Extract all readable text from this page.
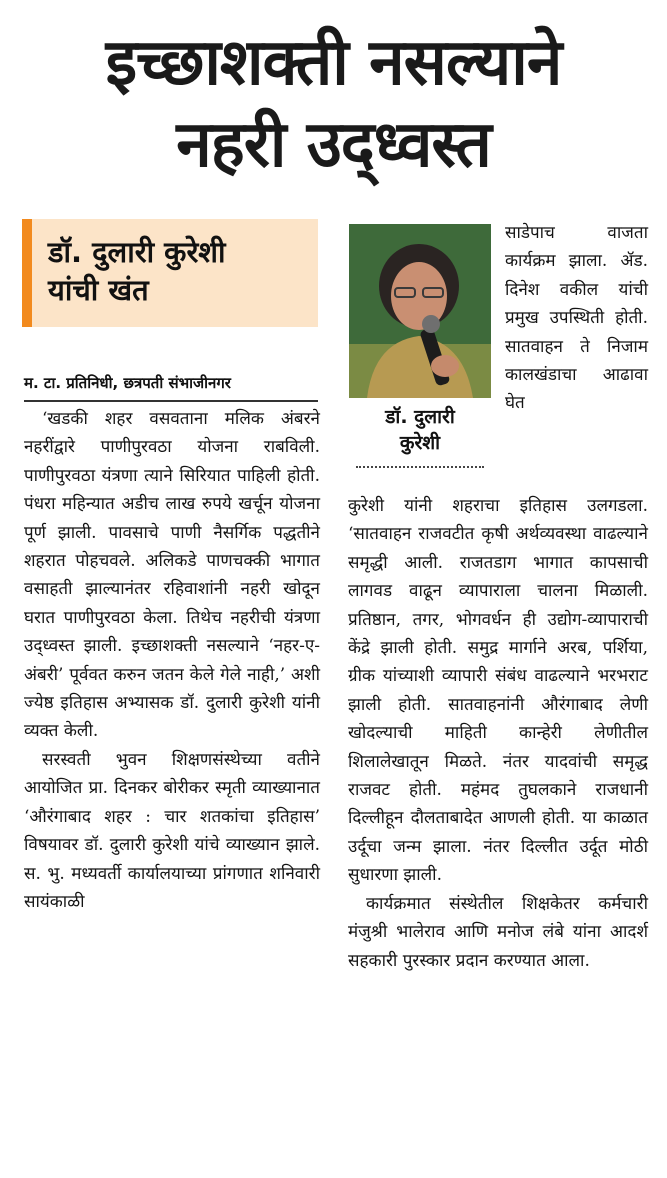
इच्छाशक्ती नसल्याने
नहरी उद्ध्वस्त
डॉ. दुलारी कुरेशी
यांची खंत
म. टा. प्रतिनिधी, छत्रपती संभाजीनगर

‘खडकी शहर वसवताना मलिक अंबरने नहरींद्वारे पाणीपुरवठा योजना राबविली. पाणीपुरवठा यंत्रणा त्याने सिरियात पाहिली होती. पंधरा महिन्यात अडीच लाख रुपये खर्चून योजना पूर्ण झाली. पावसाचे पाणी नैसर्गिक पद्धतीने शहरात पोहचवले. अलिकडे पाणचक्की भागात वसाहती झाल्यानंतर रहिवाशांनी नहरी खोदून घरात पाणीपुरवठा केला. तिथेच नहरीची यंत्रणा उद्ध्वस्त झाली. इच्छाशक्ती नसल्याने ‘नहर-ए-अंबरी’ पूर्ववत करुन जतन केले गेले नाही,’ अशी ज्येष्ठ इतिहास अभ्यासक डॉ. दुलारी कुरेशी यांनी व्यक्त केली.

सरस्वती भुवन शिक्षणसंस्थेच्या वतीने आयोजित प्रा. दिनकर बोरीकर स्मृती व्याख्यानात ‘औरंगाबाद शहर : चार शतकांचा इतिहास’ विषयावर डॉ. दुलारी कुरेशी यांचे व्याख्यान झाले. स. भु. मध्यवर्ती कार्यालयाच्या प्रांगणात शनिवारी सायंकाळी

डॉ. दुलारी
कुरेशी
साडेपाच वाजता कार्यक्रम झाला. ॲड. दिनेश वकील यांची प्रमुख उपस्थिती होती. सातवाहन ते निजाम कालखंडाचा आढावा घेत

कुरेशी यांनी शहराचा इतिहास उलगडला. ‘सातवाहन राजवटीत कृषी अर्थव्यवस्था वाढल्याने समृद्धी आली. राजतडाग भागात कापसाची लागवड वाढून व्यापाराला चालना मिळाली. प्रतिष्ठान, तगर, भोगवर्धन ही उद्योग-व्यापाराची केंद्रे झाली होती. समुद्र मार्गाने अरब, पर्शिया, ग्रीक यांच्याशी व्यापारी संबंध वाढल्याने भरभराट झाली होती. सातवाहनांनी औरंगाबाद लेणी खोदल्याची माहिती कान्हेरी लेणीतील शिलालेखातून मिळते. नंतर यादवांची समृद्ध राजवट होती. महंमद तुघलकाने राजधानी दिल्लीहून दौलताबादेत आणली होती. या काळात उर्दूचा जन्म झाला. नंतर दिल्लीत उर्दूत मोठी सुधारणा झाली.

कार्यक्रमात संस्थेतील शिक्षकेतर कर्मचारी मंजुश्री भालेराव आणि मनोज लंबे यांना आदर्श सहकारी पुरस्कार प्रदान करण्यात आला.
